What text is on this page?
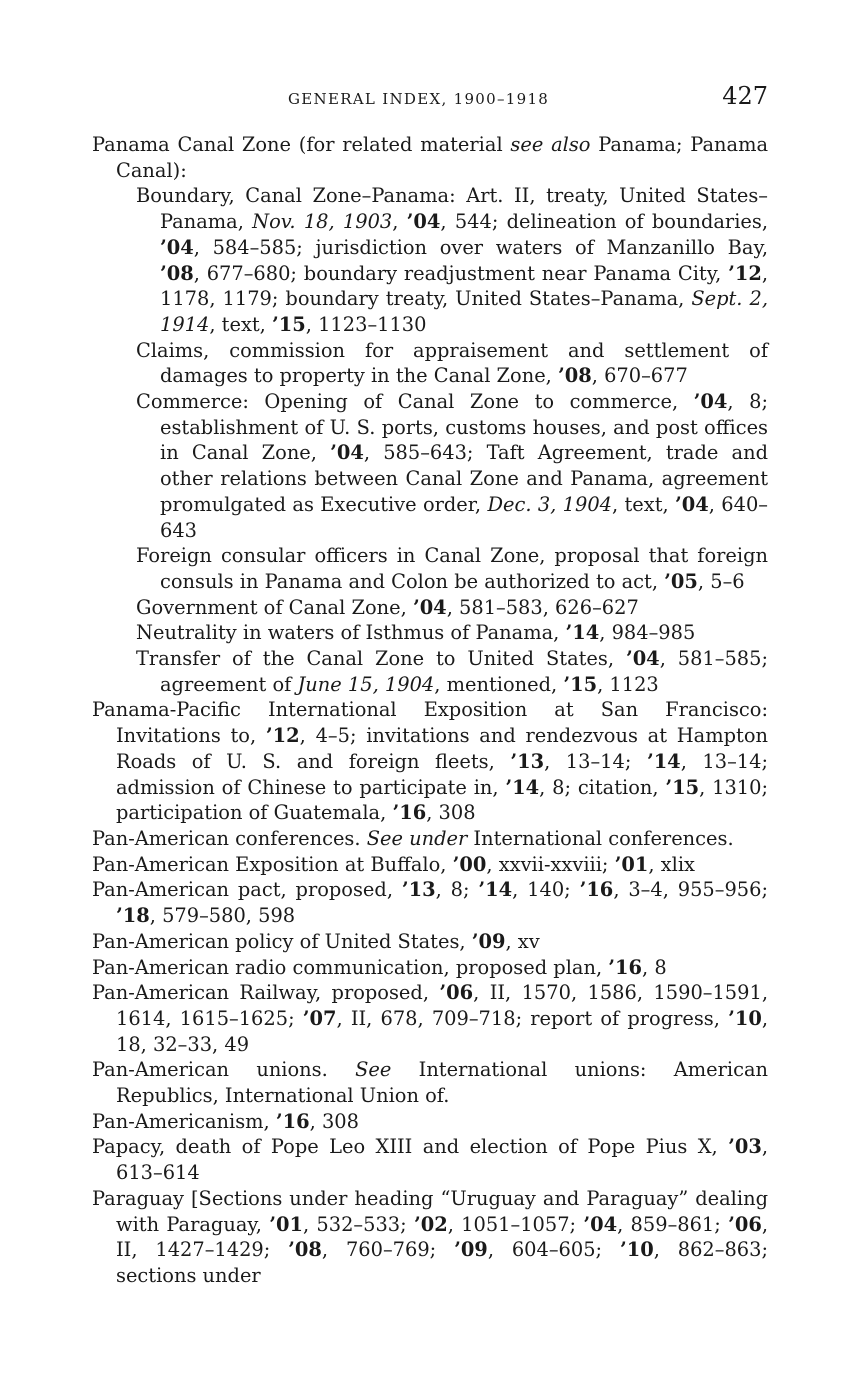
GENERAL INDEX, 1900–1918	427

Panama Canal Zone (for related material see also Panama; Panama Canal):

Boundary, Canal Zone–Panama: Art. II, treaty, United States–Panama, Nov. 18, 1903, ’04, 544; delineation of boundaries, ’04, 584–585; jurisdiction over waters of Manzanillo Bay, ’08, 677–680; boundary readjustment near Panama City, ’12, 1178, 1179; boundary treaty, United States–Panama, Sept. 2, 1914, text, ’15, 1123–1130

Claims, commission for appraisement and settlement of damages to property in the Canal Zone, ’08, 670–677

Commerce: Opening of Canal Zone to commerce, ’04, 8; establishment of U. S. ports, customs houses, and post offices in Canal Zone, ’04, 585–643; Taft Agreement, trade and other relations between Canal Zone and Panama, agreement promulgated as Executive order, Dec. 3, 1904, text, ’04, 640–643

Foreign consular officers in Canal Zone, proposal that foreign consuls in Panama and Colon be authorized to act, ’05, 5–6

Government of Canal Zone, ’04, 581–583, 626–627

Neutrality in waters of Isthmus of Panama, ’14, 984–985

Transfer of the Canal Zone to United States, ’04, 581–585; agreement of June 15, 1904, mentioned, ’15, 1123

Panama-Pacific International Exposition at San Francisco: Invitations to, ’12, 4–5; invitations and rendezvous at Hampton Roads of U. S. and foreign fleets, ’13, 13–14; ’14, 13–14; admission of Chinese to participate in, ’14, 8; citation, ’15, 1310; participation of Guatemala, ’16, 308

Pan-American conferences. See under International conferences.

Pan-American Exposition at Buffalo, ’00, xxvii-xxviii; ’01, xlix

Pan-American pact, proposed, ’13, 8; ’14, 140; ’16, 3–4, 955–956; ’18, 579–580, 598

Pan-American policy of United States, ’09, xv

Pan-American radio communication, proposed plan, ’16, 8

Pan-American Railway, proposed, ’06, II, 1570, 1586, 1590–1591, 1614, 1615–1625; ’07, II, 678, 709–718; report of progress, ’10, 18, 32–33, 49

Pan-American unions. See International unions: American Republics, International Union of.

Pan-Americanism, ’16, 308

Papacy, death of Pope Leo XIII and election of Pope Pius X, ’03, 613–614

Paraguay [Sections under heading “Uruguay and Paraguay” dealing with Paraguay, ’01, 532–533; ’02, 1051–1057; ’04, 859–861; ’06, II, 1427–1429; ’08, 760–769; ’09, 604–605; ’10, 862–863; sections under
